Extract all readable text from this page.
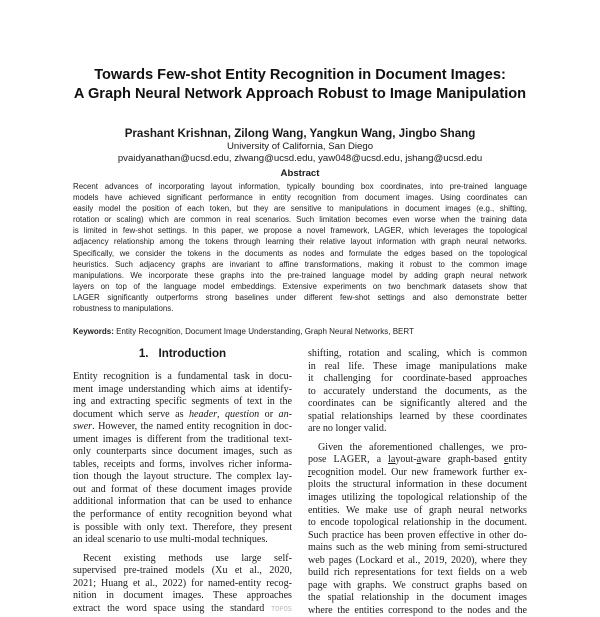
Towards Few-shot Entity Recognition in Document Images:
A Graph Neural Network Approach Robust to Image Manipulation
Prashant Krishnan, Zilong Wang, Yangkun Wang, Jingbo Shang
University of California, San Diego
pvaidyanathan@ucsd.edu, zlwang@ucsd.edu, yaw048@ucsd.edu, jshang@ucsd.edu
Abstract
Recent advances of incorporating layout information, typically bounding box coordinates, into pre-trained language
models have achieved significant performance in entity recognition from document images. Using coordinates can
easily model the position of each token, but they are sensitive to manipulations in document images (e.g., shifting,
rotation or scaling) which are common in real scenarios. Such limitation becomes even worse when the training data
is limited in few-shot settings. In this paper, we propose a novel framework, LAGER, which leverages the topological
adjacency relationship among the tokens through learning their relative layout information with graph neural networks.
Specifically, we consider the tokens in the documents as nodes and formulate the edges based on the topological
heuristics. Such adjacency graphs are invariant to affine transformations, making it robust to the common image
manipulations. We incorporate these graphs into the pre-trained language model by adding graph neural network
layers on top of the language model embeddings. Extensive experiments on two benchmark datasets show that
LAGER significantly outperforms strong baselines under different few-shot settings and also demonstrate better
robustness to manipulations.
Keywords: Entity Recognition, Document Image Understanding, Graph Neural Networks, BERT
1. Introduction
Entity recognition is a fundamental task in docu-
ment image understanding which aims at identify-
ing and extracting specific segments of text in the
document which serve as header, question or an-
swer. However, the named entity recognition in doc-
ument images is different from the traditional text-
only counterparts since document images, such as
tables, receipts and forms, involves richer informa-
tion though the layout structure. The complex lay-
out and format of these document images provide
additional information that can be used to enhance
the performance of entity recognition beyond what
is possible with only text. Therefore, they present
an ideal scenario to use multi-modal techniques.
Recent existing methods use large self-
supervised pre-trained models (Xu et al., 2020,
2021; Huang et al., 2022) for named-entity recog-
nition in document images. These approaches
extract the word space using the standard TOPOS
shifting, rotation and scaling, which is common
in real life. These image manipulations make
it challenging for coordinate-based approaches
to accurately understand the documents, as the
coordinates can be significantly altered and the
spatial relationships learned by these coordinates
are no longer valid.
Given the aforementioned challenges, we pro-
pose LAGER, a layout-aware graph-based entity
recognition model. Our new framework further ex-
ploits the structural information in these document
images utilizing the topological relationship of the
entities. We make use of graph neural networks
to encode topological relationship in the document.
Such practice has been proven effective in other do-
mains such as the web mining from semi-structured
web pages (Lockard et al., 2019, 2020), where they
build rich representations for text fields on a web
page with graphs. We construct graphs based on
the spatial relationship in the document images
where the entities correspond to the nodes and the
